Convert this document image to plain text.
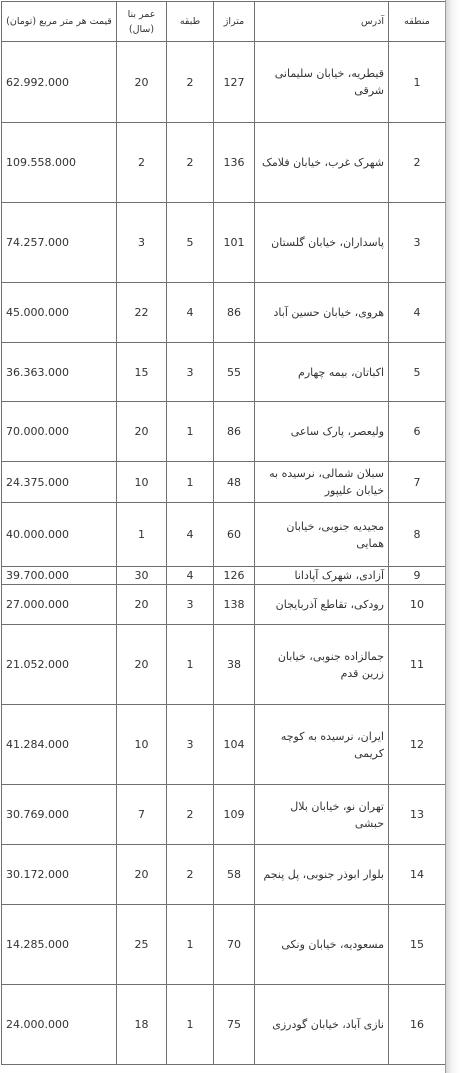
منطقه	آدرس	متراژ	طبقه	عمر بنا (سال)	قیمت هر متر مربع (تومان)
1	قیطریه، خیابان سلیمانی شرقی	127	2	20	62.992.000
2	شهرک غرب، خیابان فلامک	136	2	2	109.558.000
3	پاسداران، خیابان گلستان	101	5	3	74.257.000
4	هروی، خیابان حسین آباد	86	4	22	45.000.000
5	اکباتان، بیمه چهارم	55	3	15	36.363.000
6	ولیعصر، پارک ساعی	86	1	20	70.000.000
7	سبلان شمالی، نرسیده به خیابان علیپور	48	1	10	24.375.000
8	مجیدیه جنوبی، خیابان همایی	60	4	1	40.000.000
9	آزادی، شهرک آپادانا	126	4	30	39.700.000
10	رودکی، تقاطع آذربایجان	138	3	20	27.000.000
11	جمالزاده جنوبی، خیابان زرین قدم	38	1	20	21.052.000
12	ایران، نرسیده به کوچه کریمی	104	3	10	41.284.000
13	تهران نو، خیابان بلال حبشی	109	2	7	30.769.000
14	بلوار ابوذر جنوبی، پل پنجم	58	2	20	30.172.000
15	مسعودیه، خیابان ونکی	70	1	25	14.285.000
16	نازی آباد، خیابان گودرزی	75	1	18	24.000.000
